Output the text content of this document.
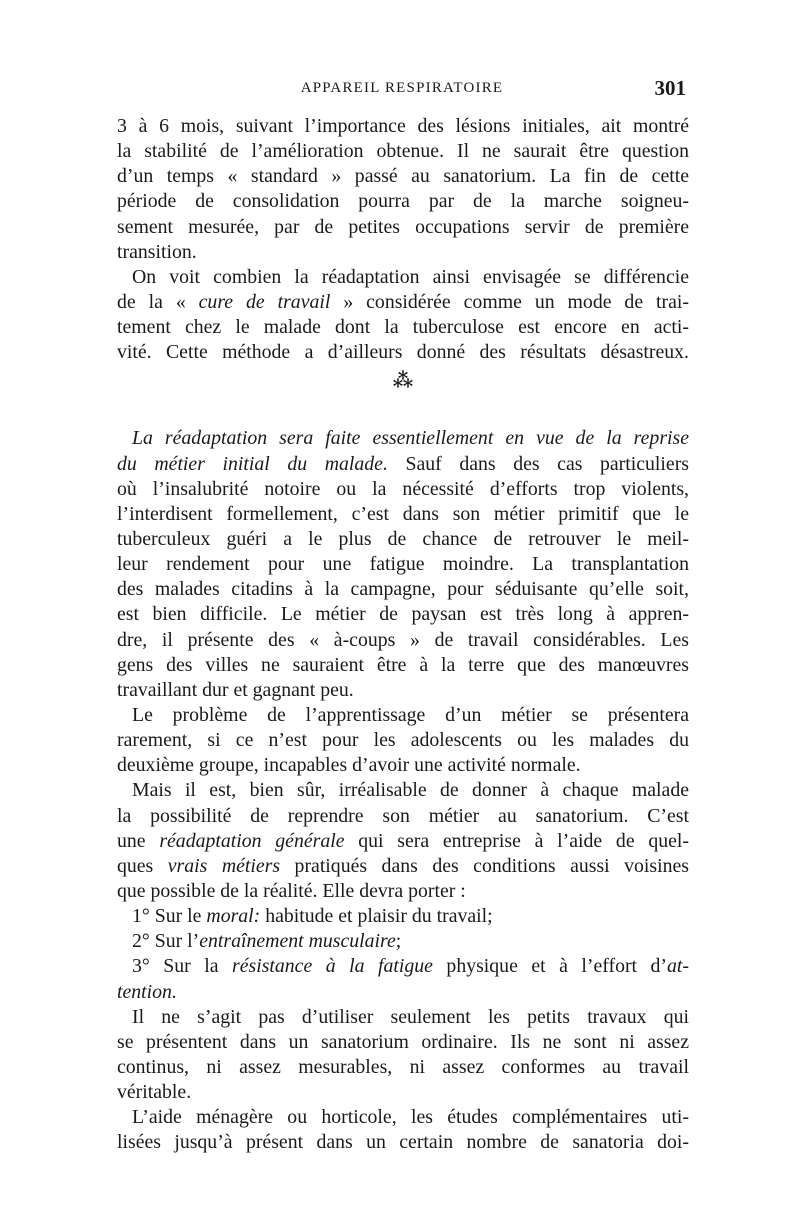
APPAREIL RESPIRATOIRE	301
3 à 6 mois, suivant l’importance des lésions initiales, ait montré
la stabilité de l’amélioration obtenue. Il ne saurait être question
d’un temps « standard » passé au sanatorium. La fin de cette
période de consolidation pourra par de la marche soigneu-
sement mesurée, par de petites occupations servir de première
transition.
On voit combien la réadaptation ainsi envisagée se différencie
de la « cure de travail » considérée comme un mode de trai-
tement chez le malade dont la tuberculose est encore en acti-
vité. Cette méthode a d’ailleurs donné des résultats désastreux.
⁂
La réadaptation sera faite essentiellement en vue de la reprise
du métier initial du malade. Sauf dans des cas particuliers
où l’insalubrité notoire ou la nécessité d’efforts trop violents,
l’interdisent formellement, c’est dans son métier primitif que le
tuberculeux guéri a le plus de chance de retrouver le meil-
leur rendement pour une fatigue moindre. La transplantation
des malades citadins à la campagne, pour séduisante qu’elle soit,
est bien difficile. Le métier de paysan est très long à appren-
dre, il présente des « à-coups » de travail considérables. Les
gens des villes ne sauraient être à la terre que des manœuvres
travaillant dur et gagnant peu.
Le problème de l’apprentissage d’un métier se présentera
rarement, si ce n’est pour les adolescents ou les malades du
deuxième groupe, incapables d’avoir une activité normale.
Mais il est, bien sûr, irréalisable de donner à chaque malade
la possibilité de reprendre son métier au sanatorium. C’est
une réadaptation générale qui sera entreprise à l’aide de quel-
ques vrais métiers pratiqués dans des conditions aussi voisines
que possible de la réalité. Elle devra porter :
1° Sur le moral: habitude et plaisir du travail;
2° Sur l’entraînement musculaire;
3° Sur la résistance à la fatigue physique et à l’effort d’at-
tention.
Il ne s’agit pas d’utiliser seulement les petits travaux qui
se présentent dans un sanatorium ordinaire. Ils ne sont ni assez
continus, ni assez mesurables, ni assez conformes au travail
véritable.
L’aide ménagère ou horticole, les études complémentaires uti-
lisées jusqu’à présent dans un certain nombre de sanatoria doi-
